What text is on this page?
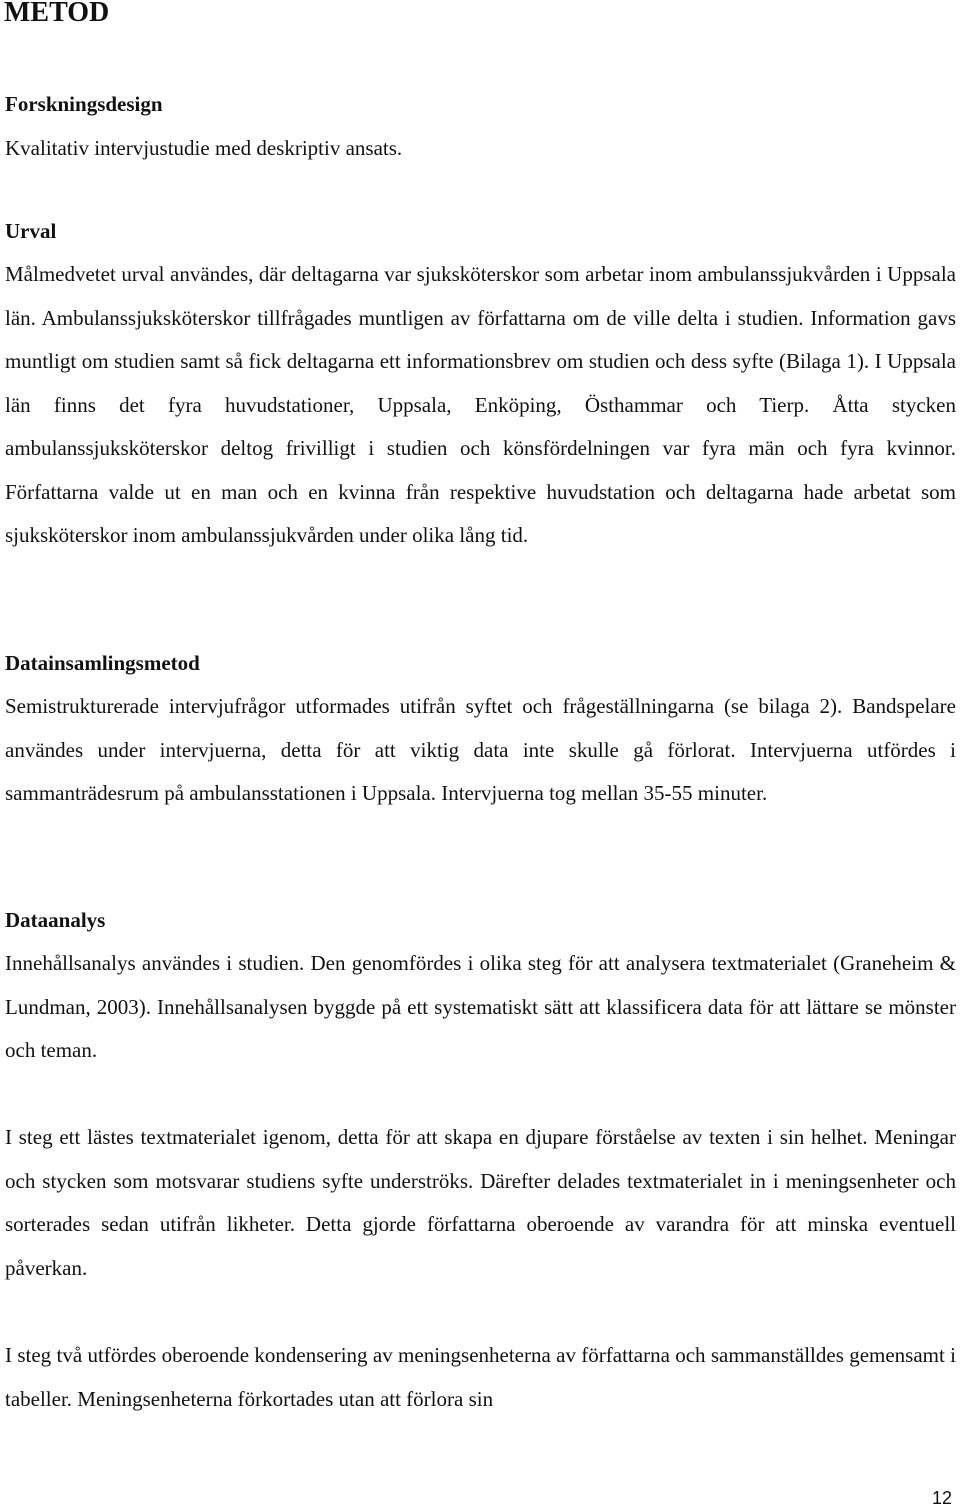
METOD
Forskningsdesign

Kvalitativ intervjustudie med deskriptiv ansats.

Urval

Målmedvetet urval användes, där deltagarna var sjuksköterskor som arbetar inom ambulanssjukvården i Uppsala län. Ambulanssjuksköterskor tillfrågades muntligen av författarna om de ville delta i studien. Information gavs muntligt om studien samt så fick deltagarna ett informationsbrev om studien och dess syfte (Bilaga 1). I Uppsala län finns det fyra huvudstationer, Uppsala, Enköping, Östhammar och Tierp. Åtta stycken ambulanssjuksköterskor deltog frivilligt i studien och könsfördelningen var fyra män och fyra kvinnor. Författarna valde ut en man och en kvinna från respektive huvudstation och deltagarna hade arbetat som sjuksköterskor inom ambulanssjukvården under olika lång tid.

Datainsamlingsmetod

Semistrukturerade intervjufrågor utformades utifrån syftet och frågeställningarna (se bilaga 2). Bandspelare användes under intervjuerna, detta för att viktig data inte skulle gå förlorat. Intervjuerna utfördes i sammanträdesrum på ambulansstationen i Uppsala. Intervjuerna tog mellan 35-55 minuter.

Dataanalys

Innehållsanalys användes i studien. Den genomfördes i olika steg för att analysera textmaterialet (Graneheim & Lundman, 2003). Innehållsanalysen byggde på ett systematiskt sätt att klassificera data för att lättare se mönster och teman.

I steg ett lästes textmaterialet igenom, detta för att skapa en djupare förståelse av texten i sin helhet. Meningar och stycken som motsvarar studiens syfte underströks. Därefter delades textmaterialet in i meningsenheter och sorterades sedan utifrån likheter. Detta gjorde författarna oberoende av varandra för att minska eventuell påverkan.

I steg två utfördes oberoende kondensering av meningsenheterna av författarna och sammanställdes gemensamt i tabeller. Meningsenheterna förkortades utan att förlora sin

12
